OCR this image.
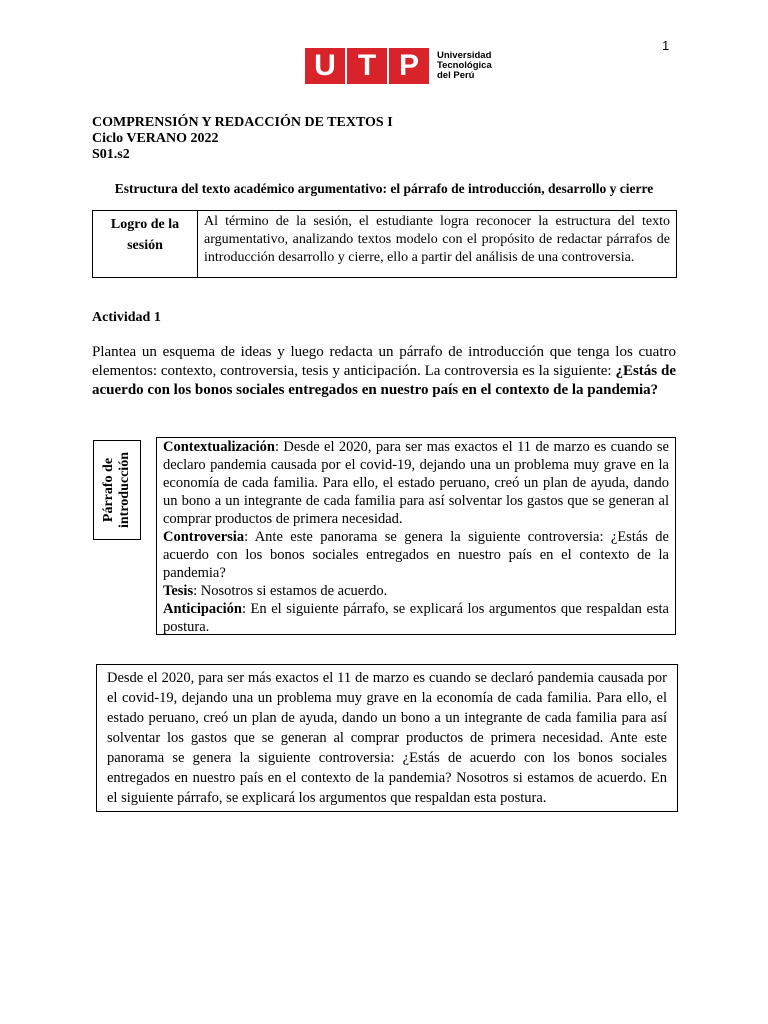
1
U T P	Universidad
Tecnológica
del Perú
COMPRENSIÓN Y REDACCIÓN DE TEXTOS I
Ciclo VERANO 2022
S01.s2
Estructura del texto académico argumentativo: el párrafo de introducción, desarrollo y cierre
Logro de la
sesión
Al término de la sesión, el estudiante logra reconocer la estructura del texto argumentativo, analizando textos modelo con el propósito de redactar párrafos de introducción desarrollo y cierre, ello a partir del análisis de una controversia.
Actividad 1
Plantea un esquema de ideas y luego redacta un párrafo de introducción que tenga los cuatro elementos: contexto, controversia, tesis y anticipación. La controversia es la siguiente: ¿Estás de acuerdo con los bonos sociales entregados en nuestro país en el contexto de la pandemia?
Párrafo de introducción

Contextualización: Desde el 2020, para ser mas exactos el 11 de marzo es cuando se declaro pandemia causada por el covid-19, dejando una un problema muy grave en la economía de cada familia. Para ello, el estado peruano, creó un plan de ayuda, dando un bono a un integrante de cada familia para así solventar los gastos que se generan al comprar productos de primera necesidad.

Controversia: Ante este panorama se genera la siguiente controversia: ¿Estás de acuerdo con los bonos sociales entregados en nuestro país en el contexto de la pandemia?

Tesis: Nosotros si estamos de acuerdo.

Anticipación: En el siguiente párrafo, se explicará los argumentos que respaldan esta postura.

Desde el 2020, para ser más exactos el 11 de marzo es cuando se declaró pandemia causada por el covid-19, dejando una un problema muy grave en la economía de cada familia. Para ello, el estado peruano, creó un plan de ayuda, dando un bono a un integrante de cada familia para así solventar los gastos que se generan al comprar productos de primera necesidad. Ante este panorama se genera la siguiente controversia: ¿Estás de acuerdo con los bonos sociales entregados en nuestro país en el contexto de la pandemia? Nosotros si estamos de acuerdo. En el siguiente párrafo, se explicará los argumentos que respaldan esta postura.
